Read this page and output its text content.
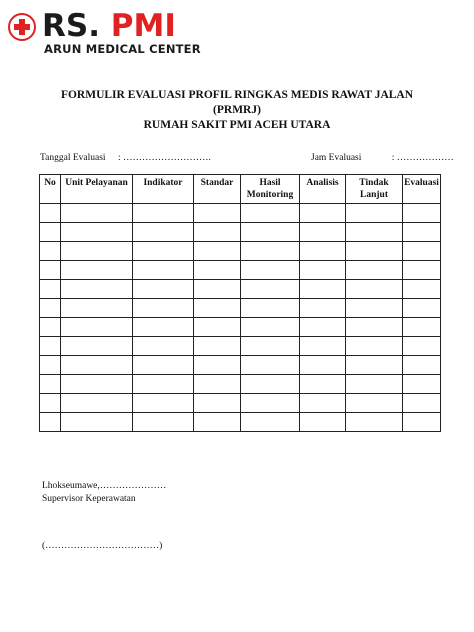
RS. PMI
ARUN MEDICAL CENTER
FORMULIR EVALUASI PROFIL RINGKAS MEDIS RAWAT JALAN
(PRMRJ)
RUMAH SAKIT PMI ACEH UTARA
Tanggal Evaluasi : ……………………….	Jam Evaluasi	: ………………
No	Unit Pelayanan	Indikator	Standar	Hasil Monitoring	Analisis	Tindak Lanjut	Evaluasi

Lhokseumawe,…………………
Supervisor Keperawatan
(………………………………)
